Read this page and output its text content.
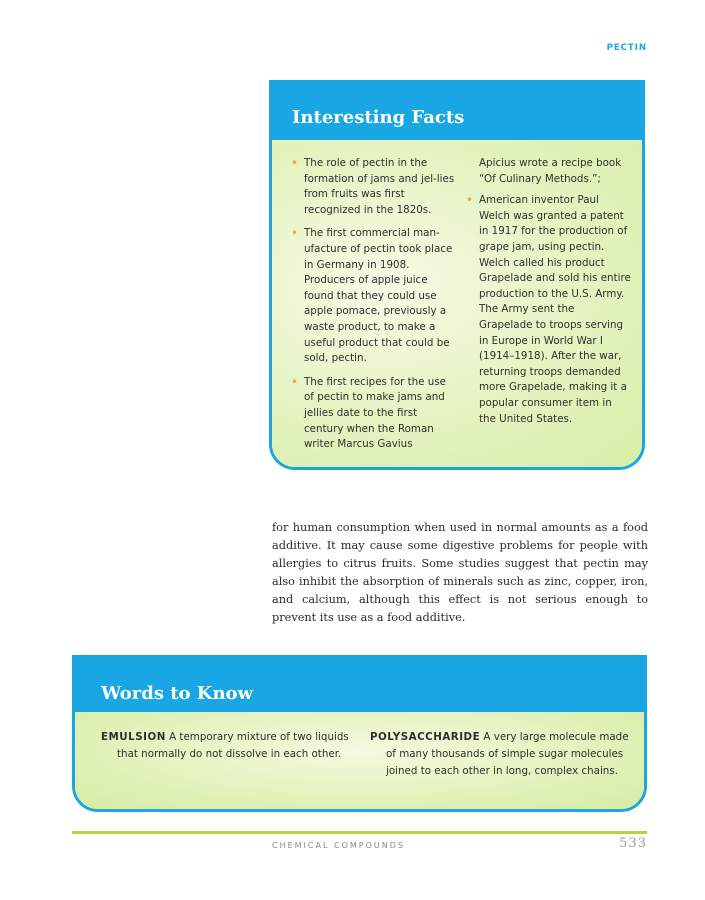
PECTIN
Interesting Facts
• The role of pectin in the formation of jams and jel-lies from fruits was first recognized in the 1820s.
• The first commercial man-ufacture of pectin took place in Germany in 1908. Producers of apple juice found that they could use apple pomace, previously a waste product, to make a useful product that could be sold, pectin.
• The first recipes for the use of pectin to make jams and jellies date to the first century when the Roman writer Marcus Gavius
Apicius wrote a recipe book “Of Culinary Methods.”;
• American inventor Paul Welch was granted a patent in 1917 for the production of grape jam, using pectin. Welch called his product Grapelade and sold his entire production to the U.S. Army. The Army sent the Grapelade to troops serving in Europe in World War I (1914–1918). After the war, returning troops demanded more Grapelade, making it a popular consumer item in the United States.
for human consumption when used in normal amounts as a food additive. It may cause some digestive problems for people with allergies to citrus fruits. Some studies suggest that pectin may also inhibit the absorption of minerals such as zinc, copper, iron, and calcium, although this effect is not serious enough to prevent its use as a food additive.
Words to Know
EMULSION A temporary mixture of two liquids that normally do not dissolve in each other.
POLYSACCHARIDE A very large molecule made of many thousands of simple sugar molecules joined to each other in long, complex chains.
CHEMICAL COMPOUNDS	533
